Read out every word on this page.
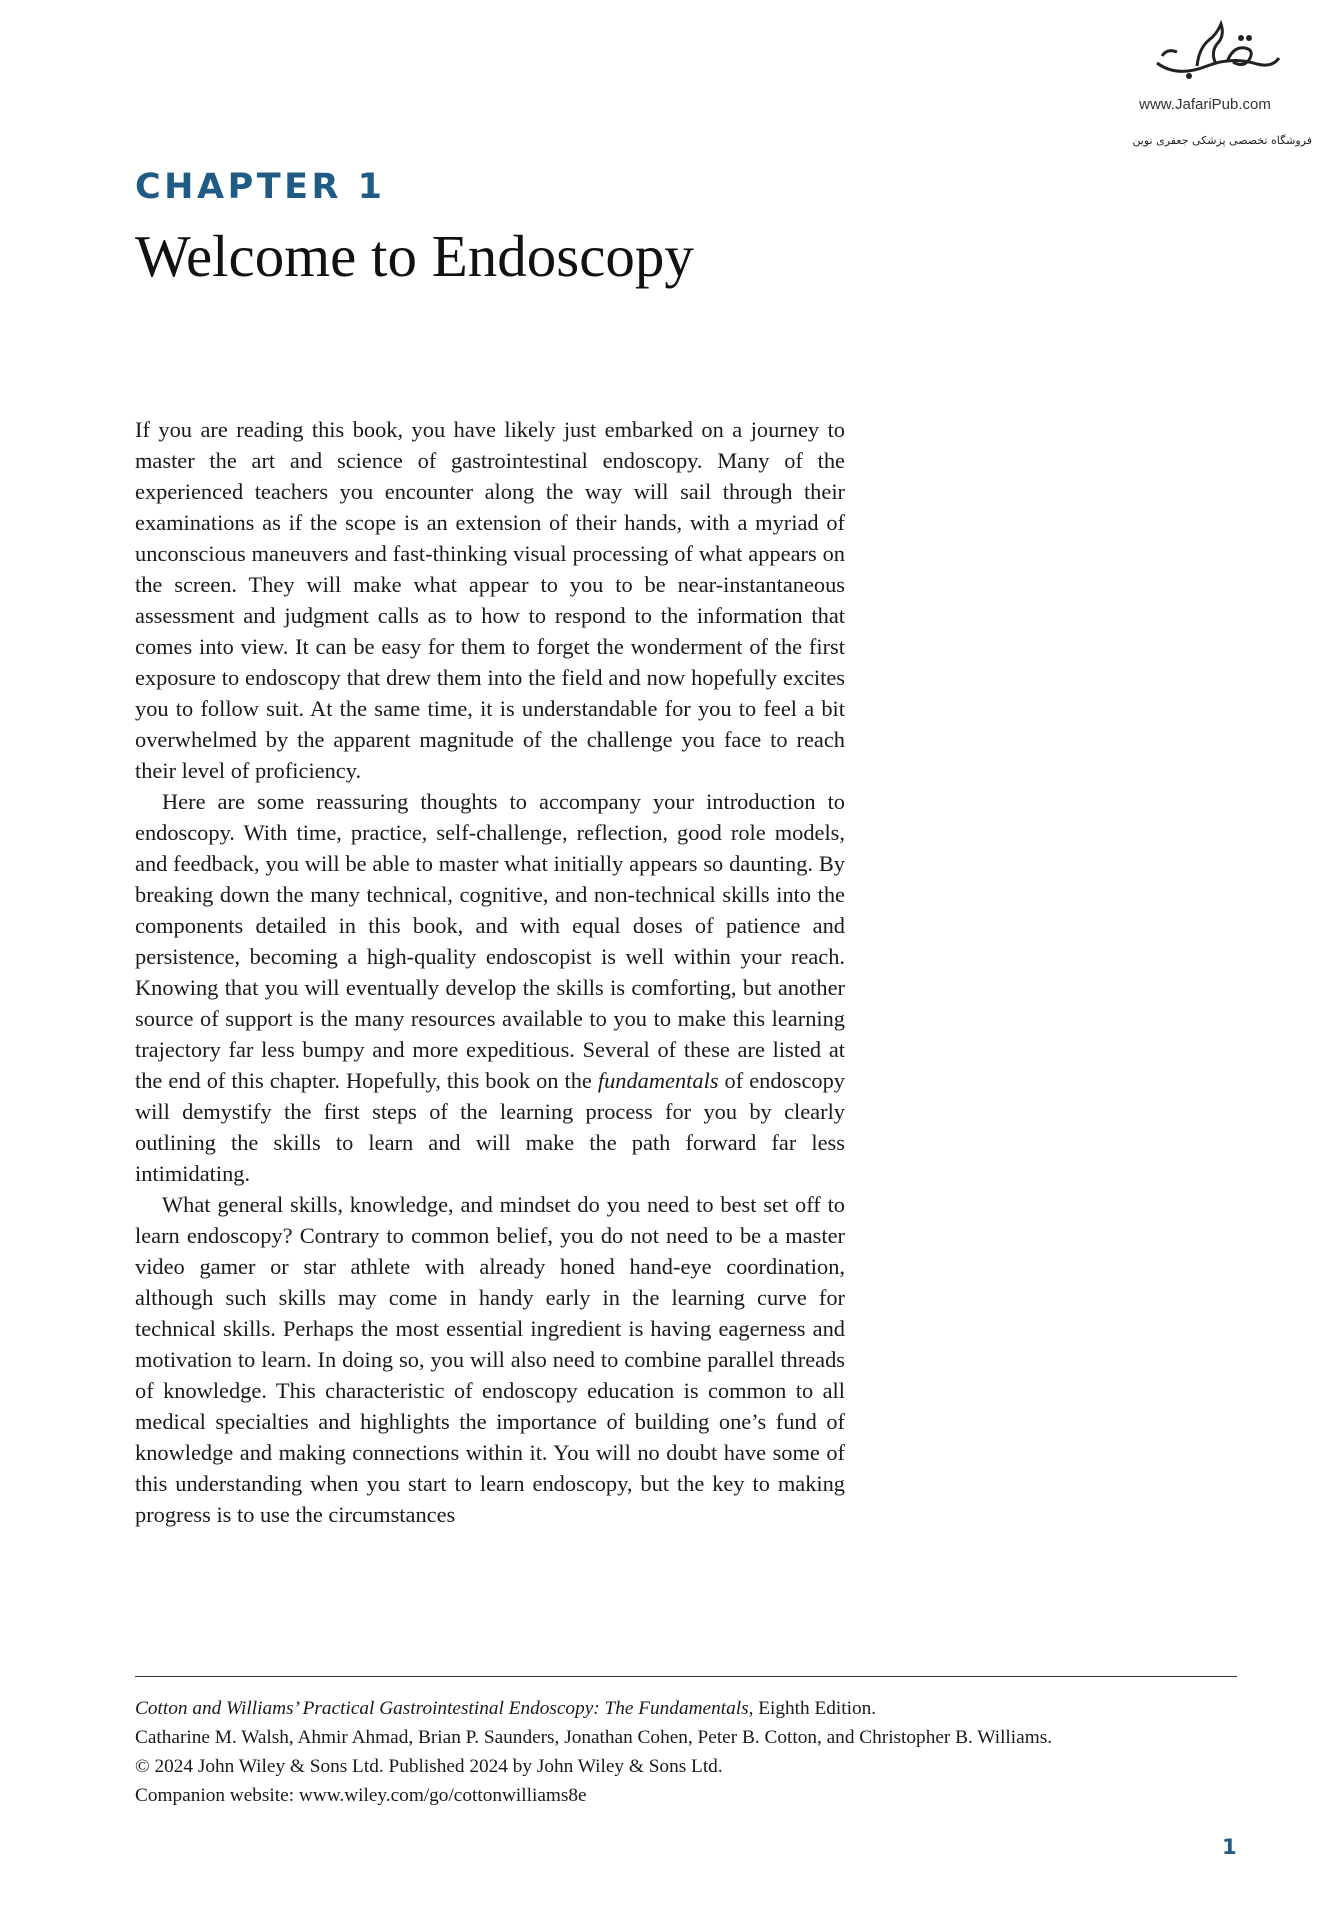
www.JafariPub.com
فروشگاه تخصصی پزشکی جعفری نوین
CHAPTER 1
Welcome to Endoscopy

If you are reading this book, you have likely just embarked on a journey to master the art and science of gastrointestinal endoscopy. Many of the experienced teachers you encounter along the way will sail through their examinations as if the scope is an extension of their hands, with a myriad of unconscious maneuvers and fast-thinking visual processing of what appears on the screen. They will make what appear to you to be near-instantaneous assessment and judgment calls as to how to respond to the information that comes into view. It can be easy for them to forget the wonderment of the first exposure to endoscopy that drew them into the field and now hopefully excites you to follow suit. At the same time, it is understandable for you to feel a bit overwhelmed by the apparent magnitude of the challenge you face to reach their level of proficiency.

Here are some reassuring thoughts to accompany your introduction to endoscopy. With time, practice, self-challenge, reflection, good role models, and feedback, you will be able to master what initially appears so daunting. By breaking down the many technical, cognitive, and non-technical skills into the components detailed in this book, and with equal doses of patience and persistence, becoming a high-quality endoscopist is well within your reach. Knowing that you will eventually develop the skills is comforting, but another source of support is the many resources available to you to make this learning trajectory far less bumpy and more expeditious. Several of these are listed at the end of this chapter. Hopefully, this book on the fundamentals of endoscopy will demystify the first steps of the learning process for you by clearly outlining the skills to learn and will make the path forward far less intimidating.

What general skills, knowledge, and mindset do you need to best set off to learn endoscopy? Contrary to common belief, you do not need to be a master video gamer or star athlete with already honed hand-eye coordination, although such skills may come in handy early in the learning curve for technical skills. Perhaps the most essential ingredient is having eagerness and motivation to learn. In doing so, you will also need to combine parallel threads of knowledge. This characteristic of endoscopy education is common to all medical specialties and highlights the importance of building one’s fund of knowledge and making connections within it. You will no doubt have some of this understanding when you start to learn endoscopy, but the key to making progress is to use the circumstances

Cotton and Williams’ Practical Gastrointestinal Endoscopy: The Fundamentals, Eighth Edition.
Catharine M. Walsh, Ahmir Ahmad, Brian P. Saunders, Jonathan Cohen, Peter B. Cotton, and Christopher B. Williams.
© 2024 John Wiley & Sons Ltd. Published 2024 by John Wiley & Sons Ltd.
Companion website: www.wiley.com/go/cottonwilliams8e
1
